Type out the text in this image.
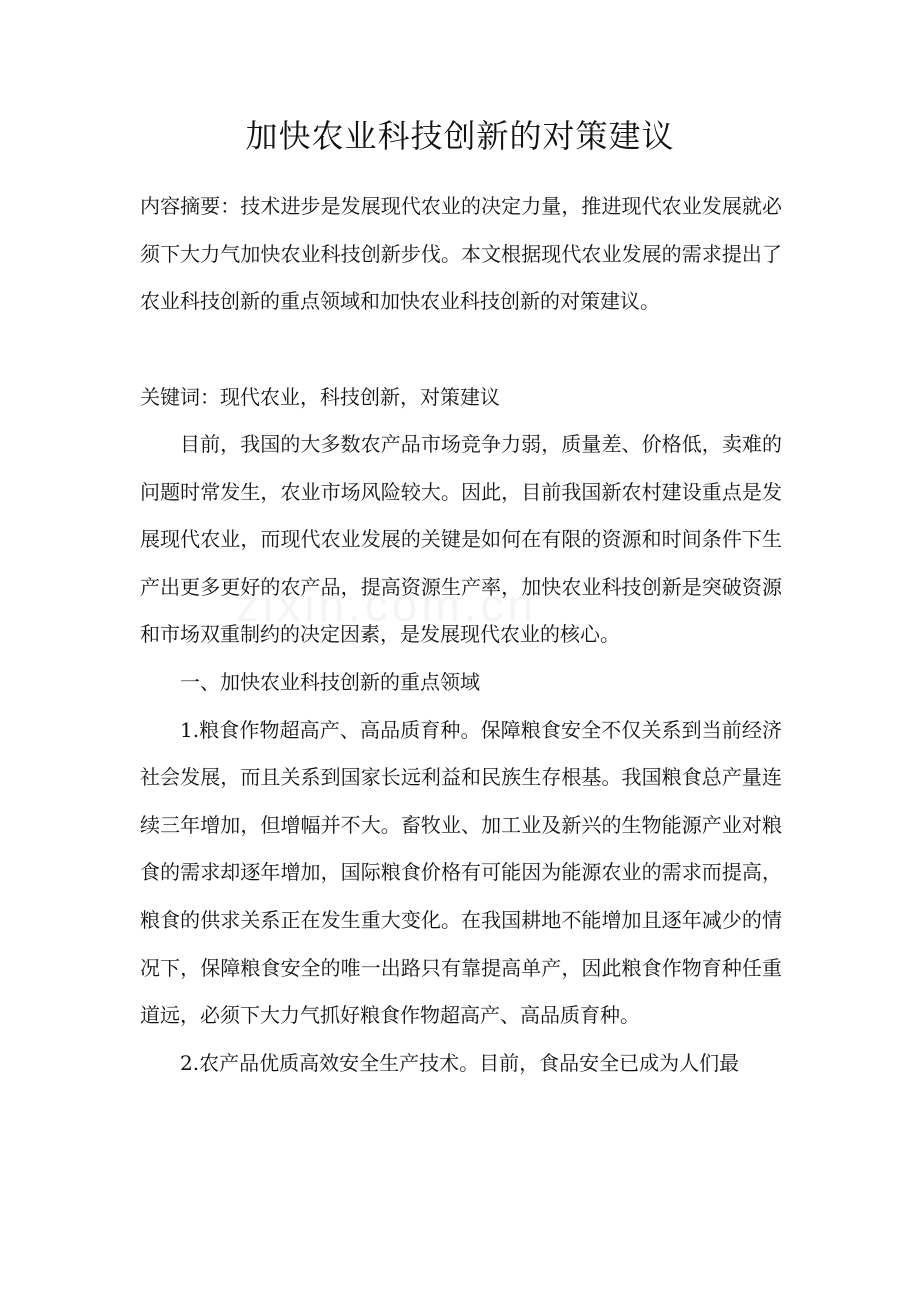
加快农业科技创新的对策建议
内容摘要：技术进步是发展现代农业的决定力量，推进现代农业发展就必须下大力气加快农业科技创新步伐。本文根据现代农业发展的需求提出了农业科技创新的重点领域和加快农业科技创新的对策建议。
关键词：现代农业，科技创新，对策建议

目前，我国的大多数农产品市场竞争力弱，质量差、价格低，卖难的问题时常发生，农业市场风险较大。因此，目前我国新农村建设重点是发展现代农业，而现代农业发展的关键是如何在有限的资源和时间条件下生产出更多更好的农产品，提高资源生产率，加快农业科技创新是突破资源和市场双重制约的决定因素，是发展现代农业的核心。

一、加快农业科技创新的重点领域

1.粮食作物超高产、高品质育种。保障粮食安全不仅关系到当前经济社会发展，而且关系到国家长远利益和民族生存根基。我国粮食总产量连续三年增加，但增幅并不大。畜牧业、加工业及新兴的生物能源产业对粮食的需求却逐年增加，国际粮食价格有可能因为能源农业的需求而提高，粮食的供求关系正在发生重大变化。在我国耕地不能增加且逐年减少的情况下，保障粮食安全的唯一出路只有靠提高单产，因此粮食作物育种任重道远，必须下大力气抓好粮食作物超高产、高品质育种。

2.农产品优质高效安全生产技术。目前，食品安全已成为人们最
